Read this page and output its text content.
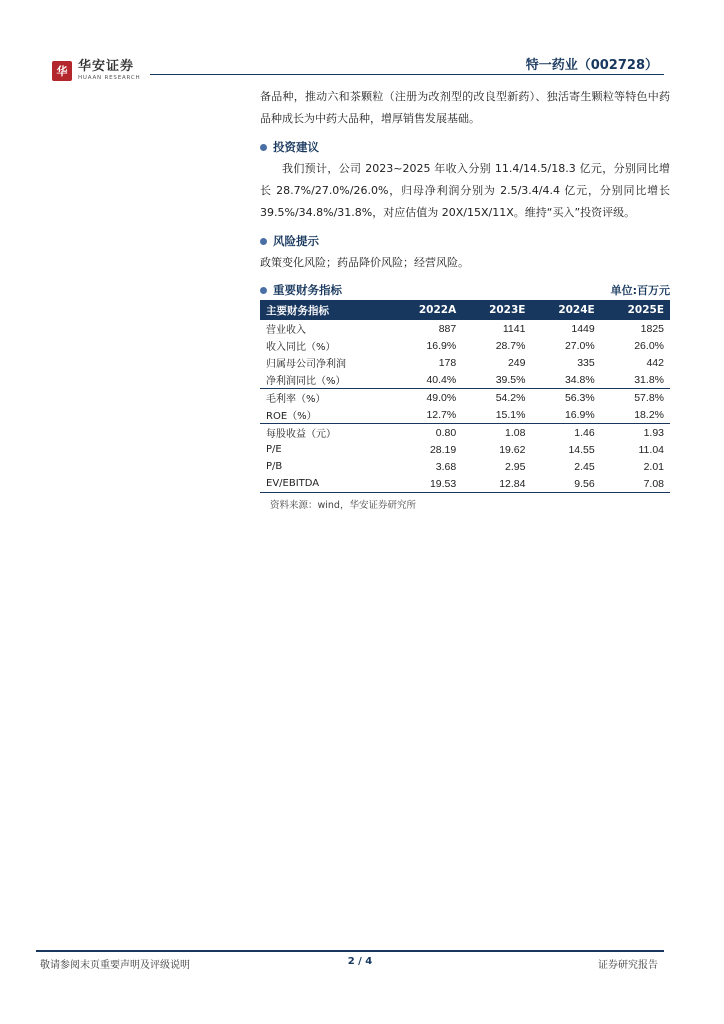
华 华安证券
HUAAN RESEARCH
特一药业（002728）

备品种，推动六和茶颗粒（注册为改剂型的改良型新药）、独活寄生颗粒等特色中药品种成长为中药大品种，增厚销售发展基础。

投资建议

我们预计，公司 2023~2025 年收入分别 11.4/14.5/18.3 亿元，分别同比增长 28.7%/27.0%/26.0%，归母净利润分别为 2.5/3.4/4.4 亿元，分别同比增长 39.5%/34.8%/31.8%，对应估值为 20X/15X/11X。维持“买入”投资评级。

风险提示

政策变化风险；药品降价风险；经营风险。

重要财务指标	单位:百万元
主要财务指标	2022A	2023E	2024E	2025E
营业收入	887	1141	1449	1825
收入同比（%）	16.9%	28.7%	27.0%	26.0%
归属母公司净利润	178	249	335	442
净利润同比（%）	40.4%	39.5%	34.8%	31.8%
毛利率（%）	49.0%	54.2%	56.3%	57.8%
ROE（%）	12.7%	15.1%	16.9%	18.2%
每股收益（元）	0.80	1.08	1.46	1.93
P/E	28.19	19.62	14.55	11.04
P/B	3.68	2.95	2.45	2.01
EV/EBITDA	19.53	12.84	9.56	7.08
资料来源：wind，华安证券研究所
敬请参阅末页重要声明及评级说明	2 / 4	证券研究报告
